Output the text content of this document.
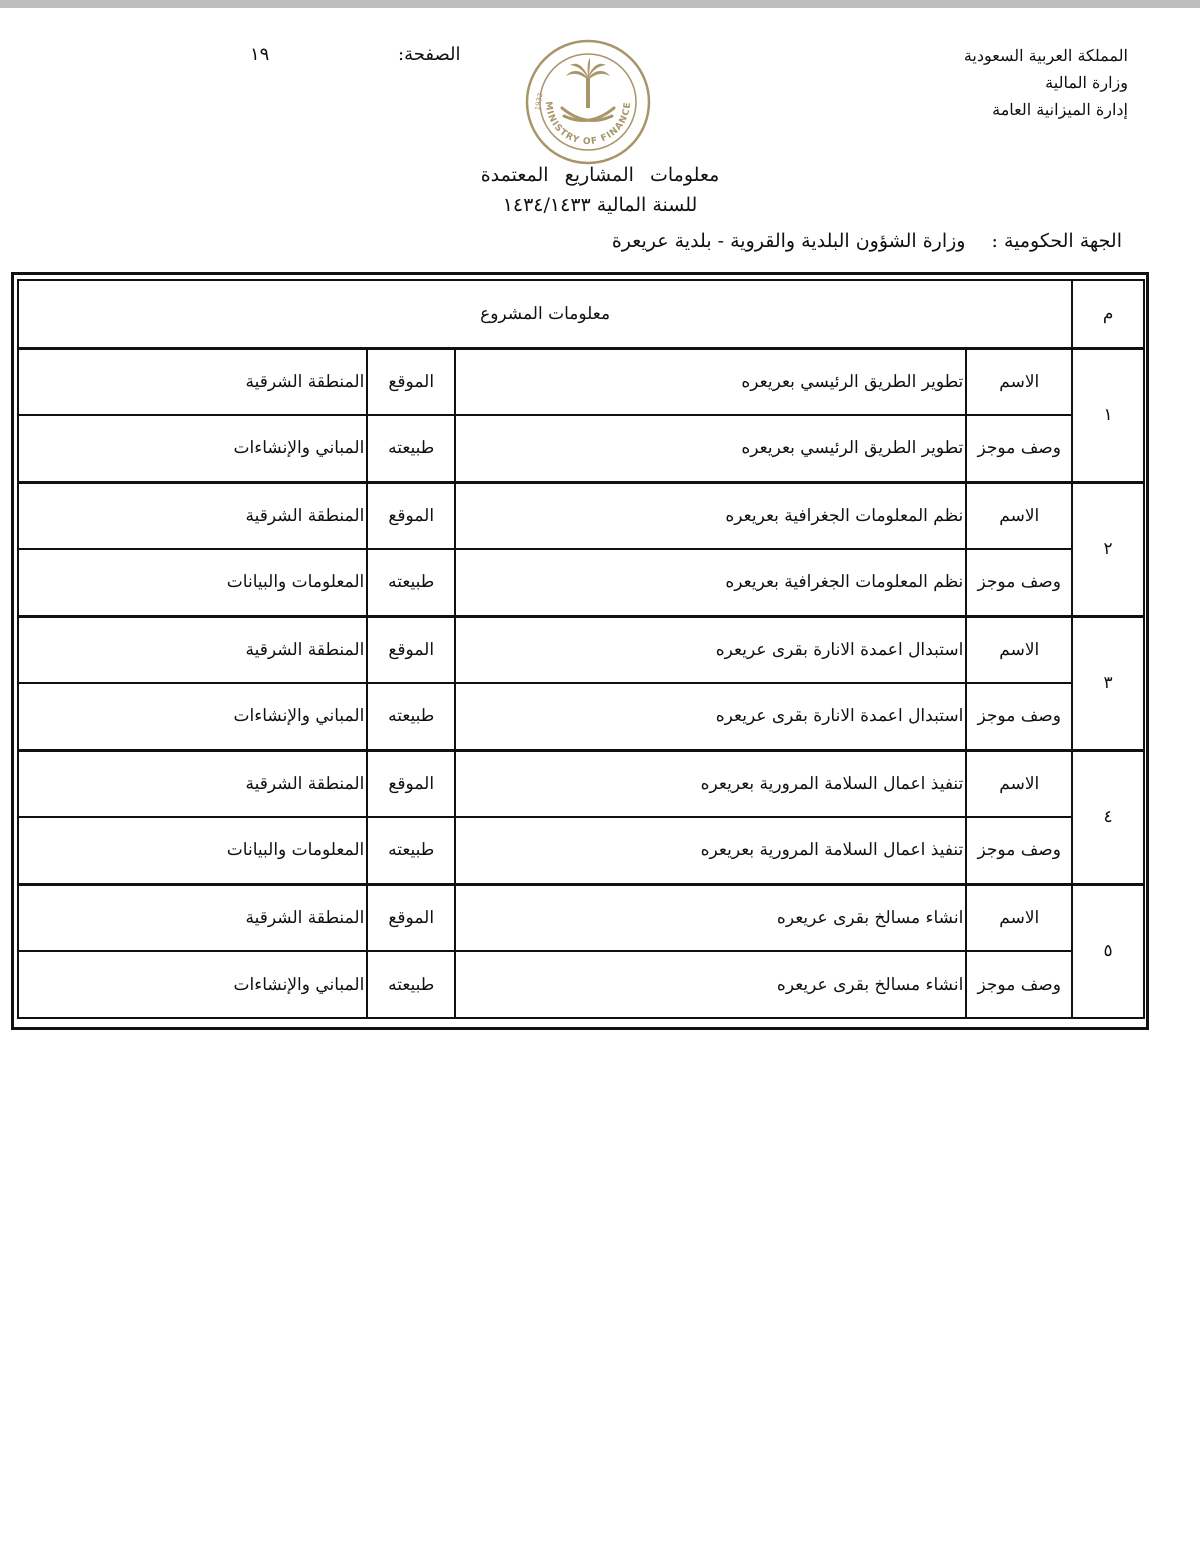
المملكة العربية السعودية
وزارة المالية
إدارة الميزانية العامة
الصفحة:
١٩
MINISTRY OF FINANCE
1932
معلومات المشاريع المعتمدة
للسنة المالية ١٤٣٤/١٤٣٣
الجهة الحكومية :وزارة الشؤون البلدية والقروية - بلدية عريعرة
م	معلومات المشروع			
١	الاسم	تطوير الطريق الرئيسي بعريعره	الموقع	المنطقة الشرقية
	وصف موجز	تطوير الطريق الرئيسي بعريعره	طبيعته	المباني والإنشاءات
٢	الاسم	نظم المعلومات الجغرافية بعريعره	الموقع	المنطقة الشرقية
	وصف موجز	نظم المعلومات الجغرافية بعريعره	طبيعته	المعلومات والبيانات
٣	الاسم	استبدال اعمدة الانارة بقرى عريعره	الموقع	المنطقة الشرقية
	وصف موجز	استبدال اعمدة الانارة بقرى عريعره	طبيعته	المباني والإنشاءات
٤	الاسم	تنفيذ اعمال السلامة المرورية بعريعره	الموقع	المنطقة الشرقية
	وصف موجز	تنفيذ اعمال السلامة المرورية بعريعره	طبيعته	المعلومات والبيانات
٥	الاسم	انشاء مسالخ بقرى عريعره	الموقع	المنطقة الشرقية
	وصف موجز	انشاء مسالخ بقرى عريعره	طبيعته	المباني والإنشاءات
